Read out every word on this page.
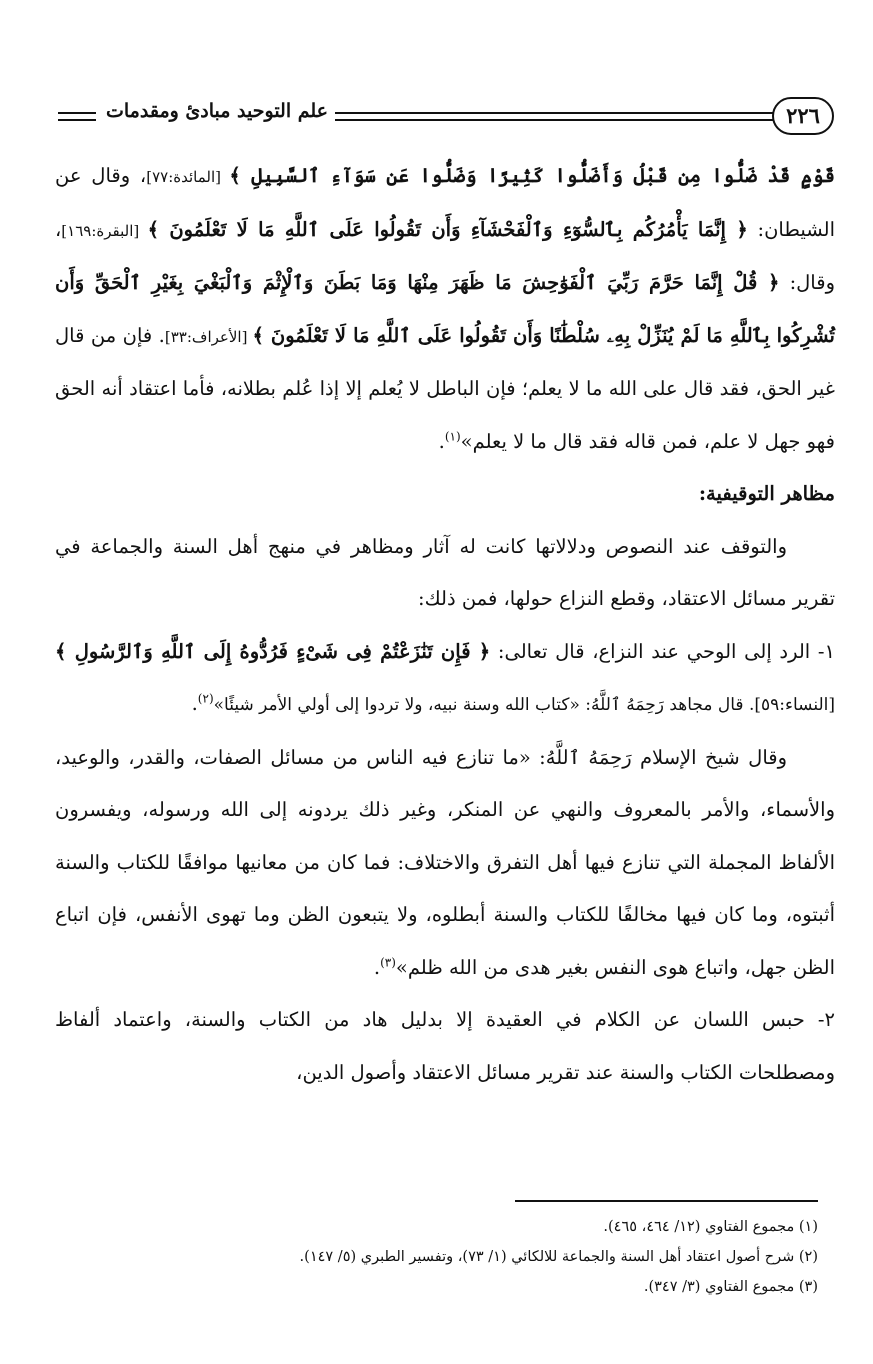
علم التوحيد مبادئ ومقدمات	٢٢٦

قَوْمٍ قَدْ ضَلُّوا مِن قَبْلُ وَأَضَلُّوا كَثِيرًا وَضَلُّوا عَن سَوَآءِ ٱلسَّبِيلِ ﴾ [المائدة:٧٧]، وقال عن الشيطان: ﴿ إِنَّمَا يَأْمُرُكُم بِٱلسُّوٓءِ وَٱلْفَحْشَآءِ وَأَن تَقُولُوا عَلَى ٱللَّهِ مَا لَا تَعْلَمُونَ ﴾ [البقرة:١٦٩]، وقال: ﴿ قُلْ إِنَّمَا حَرَّمَ رَبِّيَ ٱلْفَوَٰحِشَ مَا ظَهَرَ مِنْهَا وَمَا بَطَنَ وَٱلْإِثْمَ وَٱلْبَغْيَ بِغَيْرِ ٱلْحَقِّ وَأَن تُشْرِكُوا بِٱللَّهِ مَا لَمْ يُنَزِّلْ بِهِۦ سُلْطَٰنًا وَأَن تَقُولُوا عَلَى ٱللَّهِ مَا لَا تَعْلَمُونَ ﴾ [الأعراف:٣٣]. فإن من قال غير الحق، فقد قال على الله ما لا يعلم؛ فإن الباطل لا يُعلم إلا إذا عُلم بطلانه، فأما اعتقاد أنه الحق فهو جهل لا علم، فمن قاله فقد قال ما لا يعلم»$^{(١)}$.

مظاهر التوقيفية:

والتوقف عند النصوص ودلالاتها كانت له آثار ومظاهر في منهج أهل السنة والجماعة في تقرير مسائل الاعتقاد، وقطع النزاع حولها، فمن ذلك:

١- الرد إلى الوحي عند النزاع، قال تعالى: ﴿ فَإِن تَنَٰزَعْتُمْ فِى شَىْءٍ فَرُدُّوهُ إِلَى ٱللَّهِ وَٱلرَّسُولِ ﴾ [النساء:٥٩]. قال مجاهد رَحِمَهُ ٱللَّهُ: «كتاب الله وسنة نبيه، ولا تردوا إلى أولي الأمر شيئًا»$^{(٢)}$.

وقال شيخ الإسلام رَحِمَهُ ٱللَّهُ: «ما تنازع فيه الناس من مسائل الصفات، والقدر، والوعيد، والأسماء، والأمر بالمعروف والنهي عن المنكر، وغير ذلك يردونه إلى الله ورسوله، ويفسرون الألفاظ المجملة التي تنازع فيها أهل التفرق والاختلاف: فما كان من معانيها موافقًا للكتاب والسنة أثبتوه، وما كان فيها مخالفًا للكتاب والسنة أبطلوه، ولا يتبعون الظن وما تهوى الأنفس، فإن اتباع الظن جهل، واتباع هوى النفس بغير هدى من الله ظلم»$^{(٣)}$.

٢- حبس اللسان عن الكلام في العقيدة إلا بدليل هاد من الكتاب والسنة، واعتماد ألفاظ ومصطلحات الكتاب والسنة عند تقرير مسائل الاعتقاد وأصول الدين،

(١) مجموع الفتاوي (١٢/ ٤٦٤، ٤٦٥).
(٢) شرح أصول اعتقاد أهل السنة والجماعة للالكائي (١/ ٧٣)، وتفسير الطبري (٥/ ١٤٧).
(٣) مجموع الفتاوي (٣/ ٣٤٧).
